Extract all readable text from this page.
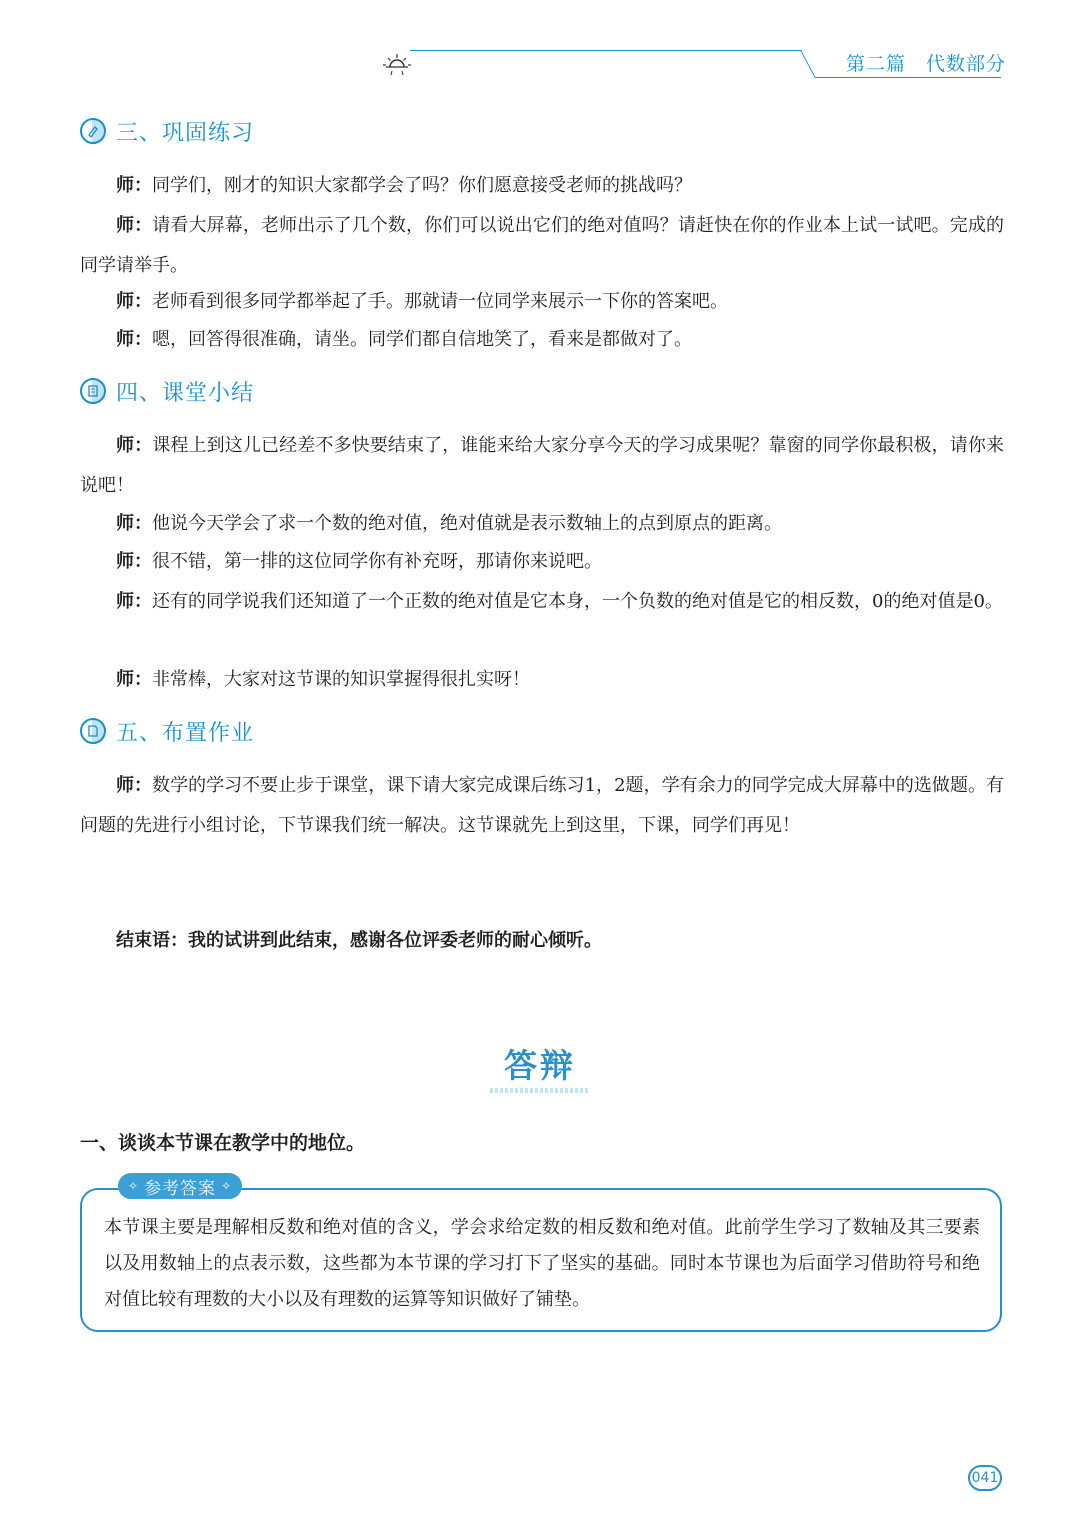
第二篇　代数部分
三、巩固练习

师：同学们，刚才的知识大家都学会了吗？你们愿意接受老师的挑战吗？

师：请看大屏幕，老师出示了几个数，你们可以说出它们的绝对值吗？请赶快在你的作业本上试一试吧。完成的同学请举手。

师：老师看到很多同学都举起了手。那就请一位同学来展示一下你的答案吧。

师：嗯，回答得很准确，请坐。同学们都自信地笑了，看来是都做对了。

四、课堂小结

师：课程上到这儿已经差不多快要结束了，谁能来给大家分享今天的学习成果呢？靠窗的同学你最积极，请你来说吧！

师：他说今天学会了求一个数的绝对值，绝对值就是表示数轴上的点到原点的距离。

师：很不错，第一排的这位同学你有补充呀，那请你来说吧。

师：还有的同学说我们还知道了一个正数的绝对值是它本身，一个负数的绝对值是它的相反数，0的绝对值是0。

师：非常棒，大家对这节课的知识掌握得很扎实呀！

五、布置作业

师：数学的学习不要止步于课堂，课下请大家完成课后练习1，2题，学有余力的同学完成大屏幕中的选做题。有问题的先进行小组讨论，下节课我们统一解决。这节课就先上到这里，下课，同学们再见！

结束语：我的试讲到此结束，感谢各位评委老师的耐心倾听。

答辩

一、谈谈本节课在教学中的地位。

✧ 参考答案 ✧

本节课主要是理解相反数和绝对值的含义，学会求给定数的相反数和绝对值。此前学生学习了数轴及其三要素以及用数轴上的点表示数，这些都为本节课的学习打下了坚实的基础。同时本节课也为后面学习借助符号和绝对值比较有理数的大小以及有理数的运算等知识做好了铺垫。

041
